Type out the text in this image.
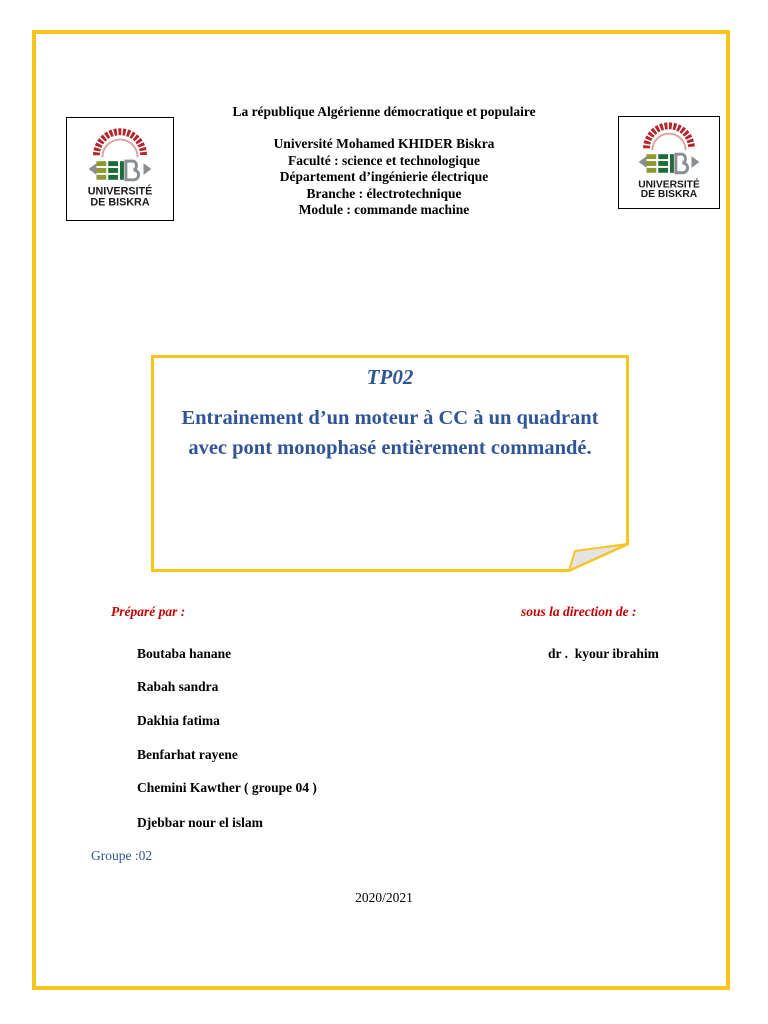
UNIVERSITÉ
DE BISKRA
UNIVERSITÉ
DE BISKRA
La république Algérienne démocratique et populaire
Université Mohamed KHIDER Biskra
Faculté : science et technologique
Département d’ingénierie électrique
Branche : électrotechnique
Module : commande machine
TP02
Entrainement d’un moteur à CC à un quadrant avec pont monophasé entièrement commandé.
Préparé par :	sous la direction de :
Boutaba hanane
Rabah sandra
Dakhia fatima
Benfarhat rayene
Chemini Kawther ( groupe 04 )
Djebbar nour el islam
dr .  kyour ibrahim
Groupe :02
2020/2021
